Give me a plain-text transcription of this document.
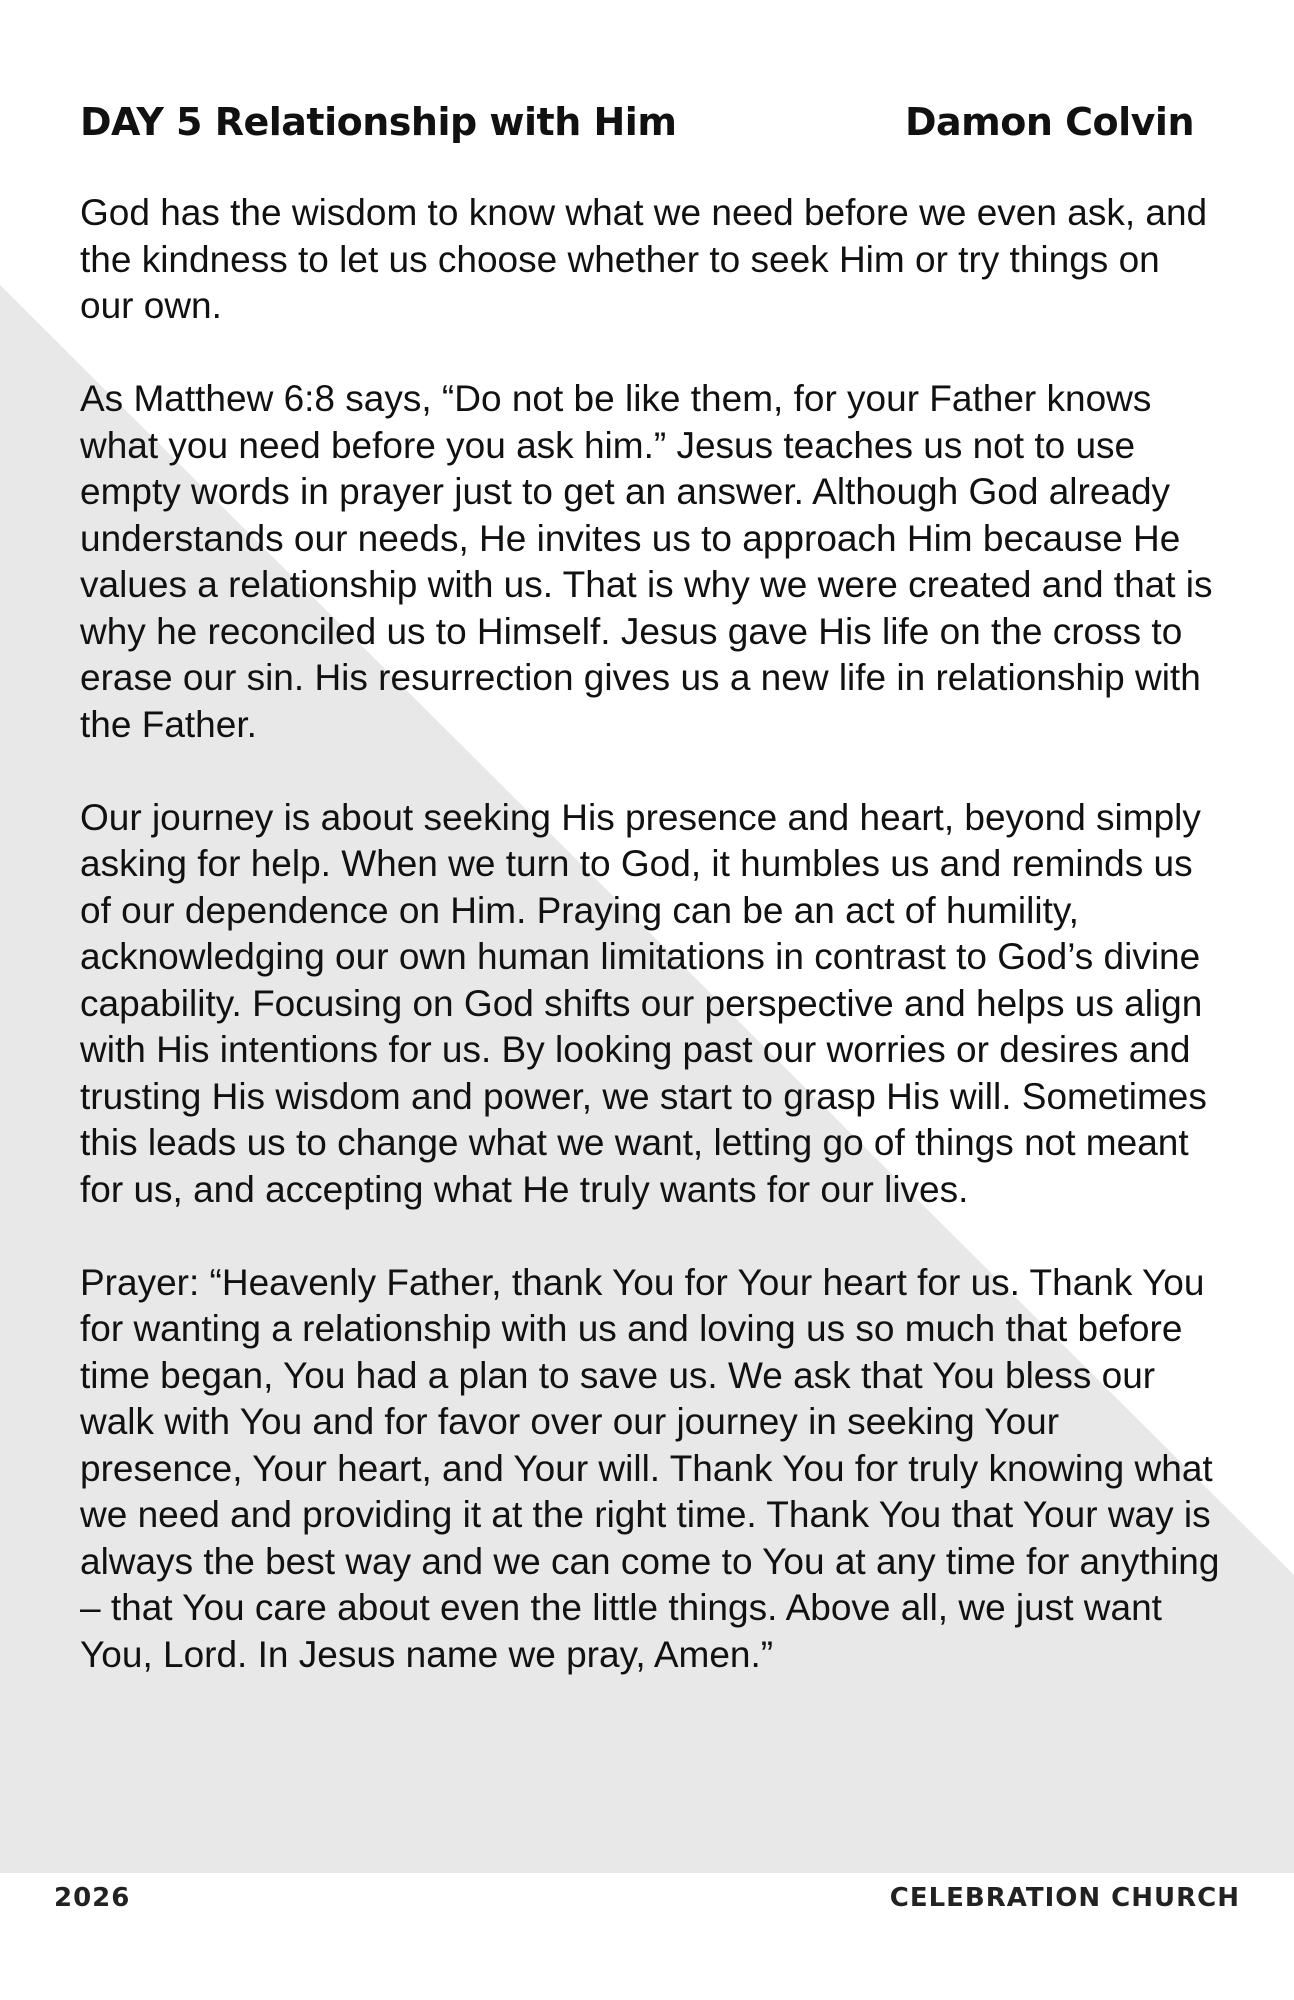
DAY 5 Relationship with Him	Damon Colvin

God has the wisdom to know what we need before we even ask, and the kindness to let us choose whether to seek Him or try things on our own.

As Matthew 6:8 says, “Do not be like them, for your Father knows what you need before you ask him.” Jesus teaches us not to use empty words in prayer just to get an answer. Although God already understands our needs, He invites us to approach Him because He values a relationship with us. That is why we were created and that is why he reconciled us to Himself. Jesus gave His life on the cross to erase our sin. His resurrection gives us a new life in relationship with the Father.

Our journey is about seeking His presence and heart, beyond simply asking for help. When we turn to God, it humbles us and reminds us of our dependence on Him. Praying can be an act of humility, acknowledging our own human limitations in contrast to God’s divine capability. Focusing on God shifts our perspective and helps us align with His intentions for us. By looking past our worries or desires and trusting His wisdom and power, we start to grasp His will. Sometimes this leads us to change what we want, letting go of things not meant for us, and accepting what He truly wants for our lives.

Prayer: “Heavenly Father, thank You for Your heart for us. Thank You for wanting a relationship with us and loving us so much that before time began, You had a plan to save us. We ask that You bless our walk with You and for favor over our journey in seeking Your presence, Your heart, and Your will. Thank You for truly knowing what we need and providing it at the right time. Thank You that Your way is always the best way and we can come to You at any time for anything – that You care about even the little things. Above all, we just want You, Lord. In Jesus name we pray, Amen.”

2026	CELEBRATION CHURCH
